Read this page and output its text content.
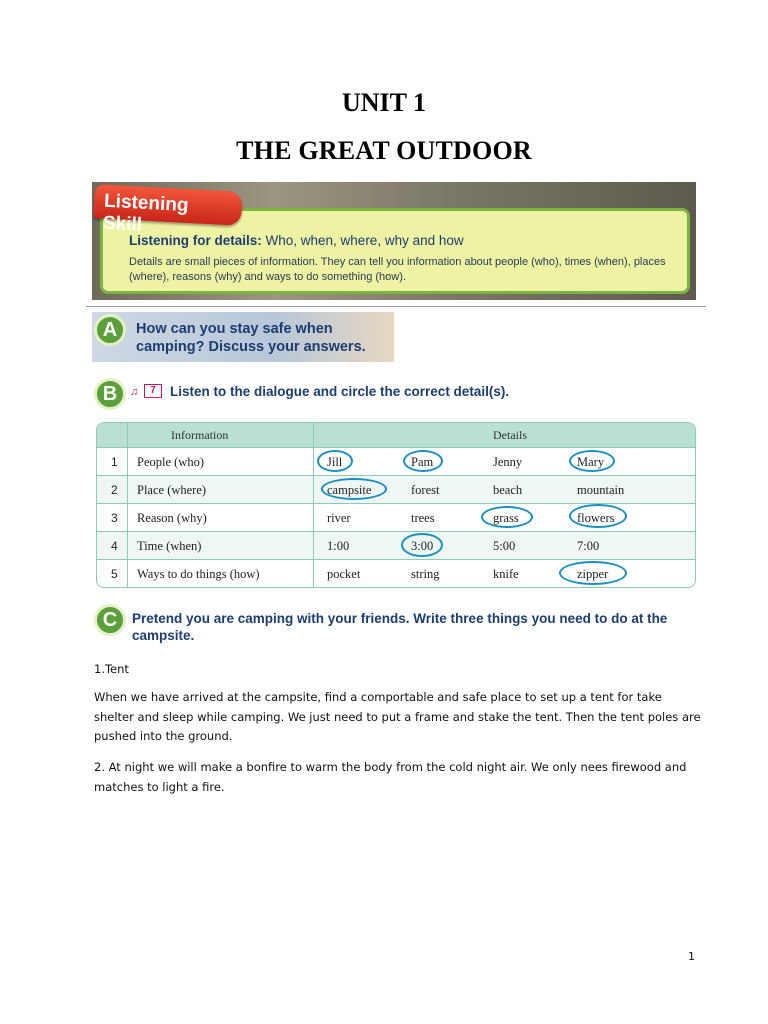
UNIT 1
THE GREAT OUTDOOR
Listening for details: Who, when, where, why and how
Details are small pieces of information. They can tell you information about people (who), times (when), places (where), reasons (why) and ways to do something (how).
Listening Skill
A	How can you stay safe when
camping? Discuss your answers.
B	♫	7	Listen to the dialogue and circle the correct detail(s).
Information	Details
1 People (who)	Jill	Pam	Jenny	Mary
2 Place (where)	campsite	forest	beach	mountain
3 Reason (why)	river	trees	grass	flowers
4 Time (when)	1:00	3:00	5:00	7:00
5 Ways to do things (how)	pocket	string	knife	zipper
C	Pretend you are camping with your friends. Write three things you need to do at the campsite.
1.Tent
When we have arrived at the campsite, find a comportable and safe place to set up a tent for take shelter and sleep while camping. We just need to put a frame and stake the tent. Then the tent poles are pushed into the ground.
2. At night we will make a bonfire to warm the body from the cold night air. We only nees firewood and matches to light a fire.
1
